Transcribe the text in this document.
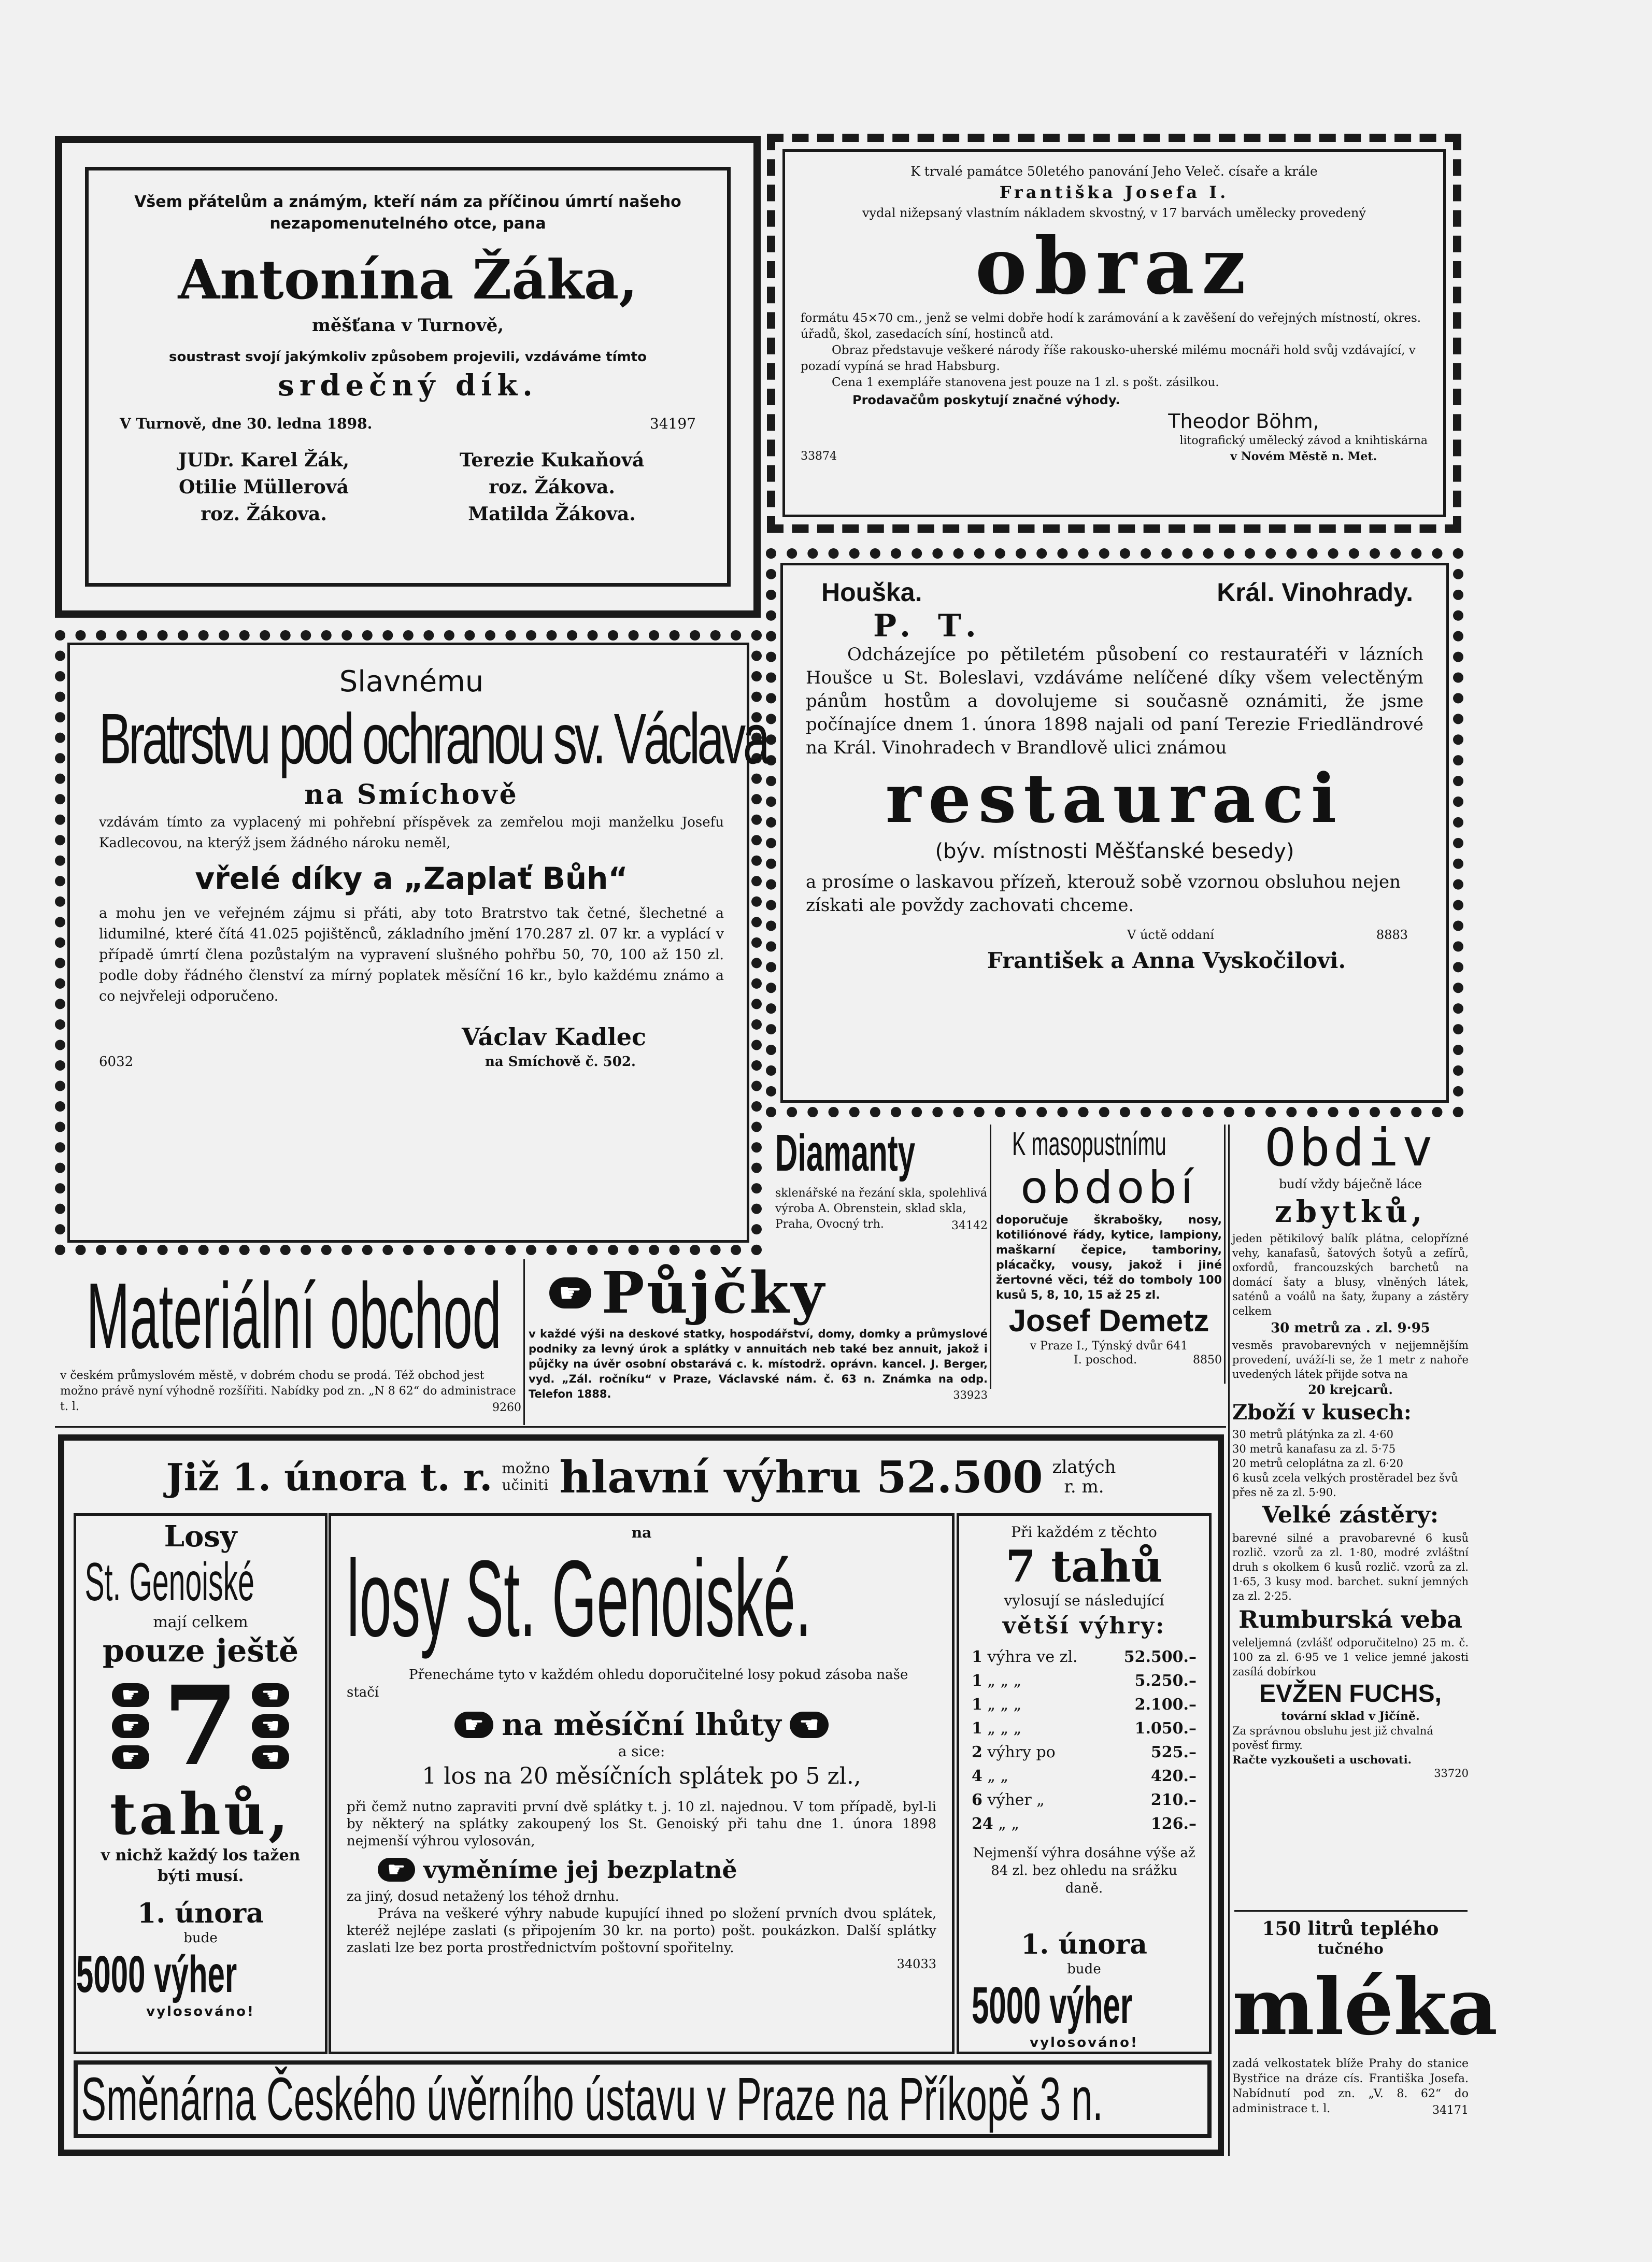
Všem přátelům a známým, kteří nám za příčinou úmrtí našeho nezapomenutelného otce, pana

Antonína Žáka,

měšťana v Turnově,

soustrast svojí jakýmkoliv způsobem projevili, vzdáváme tímto

srdečný dík.

V Turnově, dne 30. ledna 1898.	34197
JUDr. Karel Žák,	Terezie Kukaňová
Otilie Müllerová	roz. Žákova.
roz. Žákova.	Matilda Žákova.

K trvalé památce 50letého panování Jeho Veleč. císaře a krále

Františka Josefa I.

vydal nižepsaný vlastním nákladem skvostný, v 17 barvách umělecky provedený

obraz

formátu 45×70 cm., jenž se velmi dobře hodí k zarámování a k zavěšení do veřejných místností, okres. úřadů, škol, zasedacích síní, hostinců atd.

Obraz představuje veškeré národy říše rakousko-uherské milému mocnáři hold svůj vzdávající, v pozadí vypíná se hrad Habsburg.

Cena 1 exempláře stanovena jest pouze na 1 zl. s pošt. zásilkou.

Prodavačům poskytují značné výhody.

Theodor Böhm,

33874
litografický umělecký závod a knihtiskárna
v Novém Městě n. Met.
Houška.	Král. Vinohrady.

P. T.

Odcházejíce po pětiletém působení co restauratéři v lázních Houšce u St. Boleslavi, vzdáváme nelíčené díky všem velectěným pánům hostům a dovolujeme si současně oznámiti, že jsme počínajíce dnem 1. února 1898 najali od paní Terezie Friedländrové na Král. Vinohradech v Brandlově ulici známou

restauraci

(býv. místnosti Měšťanské besedy)

a prosíme o laskavou přízeň, kterouž sobě vzornou obsluhou nejen získati ale povždy zachovati chceme.

V úctě oddaní	8883

František a Anna Vyskočilovi.

Slavnému

Bratrstvu pod ochranou sv. Václava

na Smíchově

vzdávám tímto za vyplacený mi pohřební příspěvek za zemřelou moji manželku Josefu Kadlecovou, na kterýž jsem žádného nároku neměl,

vřelé díky a „Zaplať Bůh“

a mohu jen ve veřejném zájmu si přáti, aby toto Bratrstvo tak četné, šlechetné a lidumilné, které čítá 41.025 pojištěnců, základního jmění 170.287 zl. 07 kr. a vyplácí v případě úmrtí člena pozůstalým na vypravení slušného pohřbu 50, 70, 100 až 150 zl. podle doby řádného členství za mírný poplatek měsíční 16 kr., bylo každému známo a co nejvřeleji odporučeno.

Václav Kadlec

6032	na Smíchově č. 502.

Diamanty

sklenářské na řezání skla, spolehlivá výroba A. Obrenstein, sklad skla, Praha, Ovocný trh.	34142

K masopustnímu

období

doporučuje škrabošky, nosy, kotiliónové řády, kytice, lampiony, maškarní čepice, tamboriny, plácačky, vousy, jakož i jiné žertovné věci, též do tomboly 100 kusů 5, 8, 10, 15 až 25 zl.

Josef Demetz

v Praze I., Týnský dvůr 641

I. poschod.	8850

Materiální obchod

v českém průmyslovém městě, v dobrém chodu se prodá. Též obchod jest možno právě nyní výhodně rozšířiti. Nabídky pod zn. „N 8 62“ do administrace t. l.	9260

☛ Půjčky

v každé výši na deskové statky, hospodářství, domy, domky a průmyslové podniky za levný úrok a splátky v annuitách neb také bez annuit, jakož i půjčky na úvěr osobní obstarává c. k. místodrž. oprávn. kancel. J. Berger, vyd. „Zál. ročníku“ v Praze, Václavské nám. č. 63 n. Známka na odp. Telefon 1888.	33923

Již 1. února t. r. možno
učiniti hlavní výhru 52.500 zlatých
r. m.

Losy

St. Genoiské

mají celkem

pouze ještě

☛
☛
☛ 7	☚
☚
☚

tahů,

v nichž každý los tažen býti musí.

1. února

bude

5000 výher

vylosováno!

na

losy St. Genoiské.

Přenecháme tyto v každém ohledu doporučitelné losy pokud zásoba naše stačí

☛ na měsíční lhůty ☚

a sice:

1 los na 20 měsíčních splátek po 5 zl.,

při čemž nutno zapraviti první dvě splátky t. j. 10 zl. najednou. V tom případě, byl-li by některý na splátky zakoupený los St. Genoiský při tahu dne 1. února 1898 nejmenší výhrou vylosován,

☛ vyměníme jej bezplatně

za jiný, dosud netažený los téhož drnhu.

Práva na veškeré výhry nabude kupující ihned po složení prvních dvou splátek, kteréž nejlépe zaslati (s připojením 30 kr. na porto) pošt. poukázkon. Další splátky zaslati lze bez porta prostřednictvím poštovní spořitelny.

34033

Při každém z těchto

7 tahů

vylosují se následující

větší výhry:

1 výhra ve zl.	52.500.–
1 „ „ „	5.250.–
1 „ „ „	2.100.–
1 „ „ „	1.050.–
2 výhry po	525.–
4 „ „	420.–
6 výher „	210.–
24 „ „	126.–

Nejmenší výhra dosáhne výše až 84 zl. bez ohledu na srážku daně.

1. února

bude

5000 výher

vylosováno!

Směnárna Českého úvěrního ústavu v Praze na Příkopě 3 n.

Obdiv

budí vždy báječně láce

zbytků,

jeden pětikilový balík plátna, celopřízné vehy, kanafasů, šatových šotyů a zefírů, oxfordů, francouzských barchetů na domácí šaty a blusy, vlněných látek, saténů a voálů na šaty, župany a zástěry celkem

30 metrů za . zl. 9·95

vesměs pravobarevných v nejjemnějším provedení, uváží-li se, že 1 metr z nahoře uvedených látek přijde sotva na

20 krejcarů.

Zboží v kusech:

30 metrů plátýnka za zl. 4·60
30 metrů kanafasu za zl. 5·75
20 metrů celoplátna za zl. 6·20
6 kusů zcela velkých prostěradel bez švů přes ně za zl. 5·90.

Velké zástěry:

barevné silné a pravobarevné 6 kusů rozlič. vzorů za zl. 1·80, modré zvláštní druh s okolkem 6 kusů rozlič. vzorů za zl. 1·65, 3 kusy mod. barchet. sukní jemných za zl. 2·25.

Rumburská veba

veleljemná (zvlášť odporučitelno) 25 m. č. 100 za zl. 6·95 ve 1 velice jemné jakosti zasílá dobírkou

EVŽEN FUCHS,

tovární sklad v Jičíně.

Za správnou obsluhu jest již chvalná pověsť firmy.

Račte vyzkoušeti a uschovati.

33720

150 litrů teplého

tučného

mléka

zadá velkostatek blíže Prahy do stanice Bystřice na dráze cís. Františka Josefa. Nabídnutí pod zn. „V. 8. 62“ do administrace t. l.	34171
